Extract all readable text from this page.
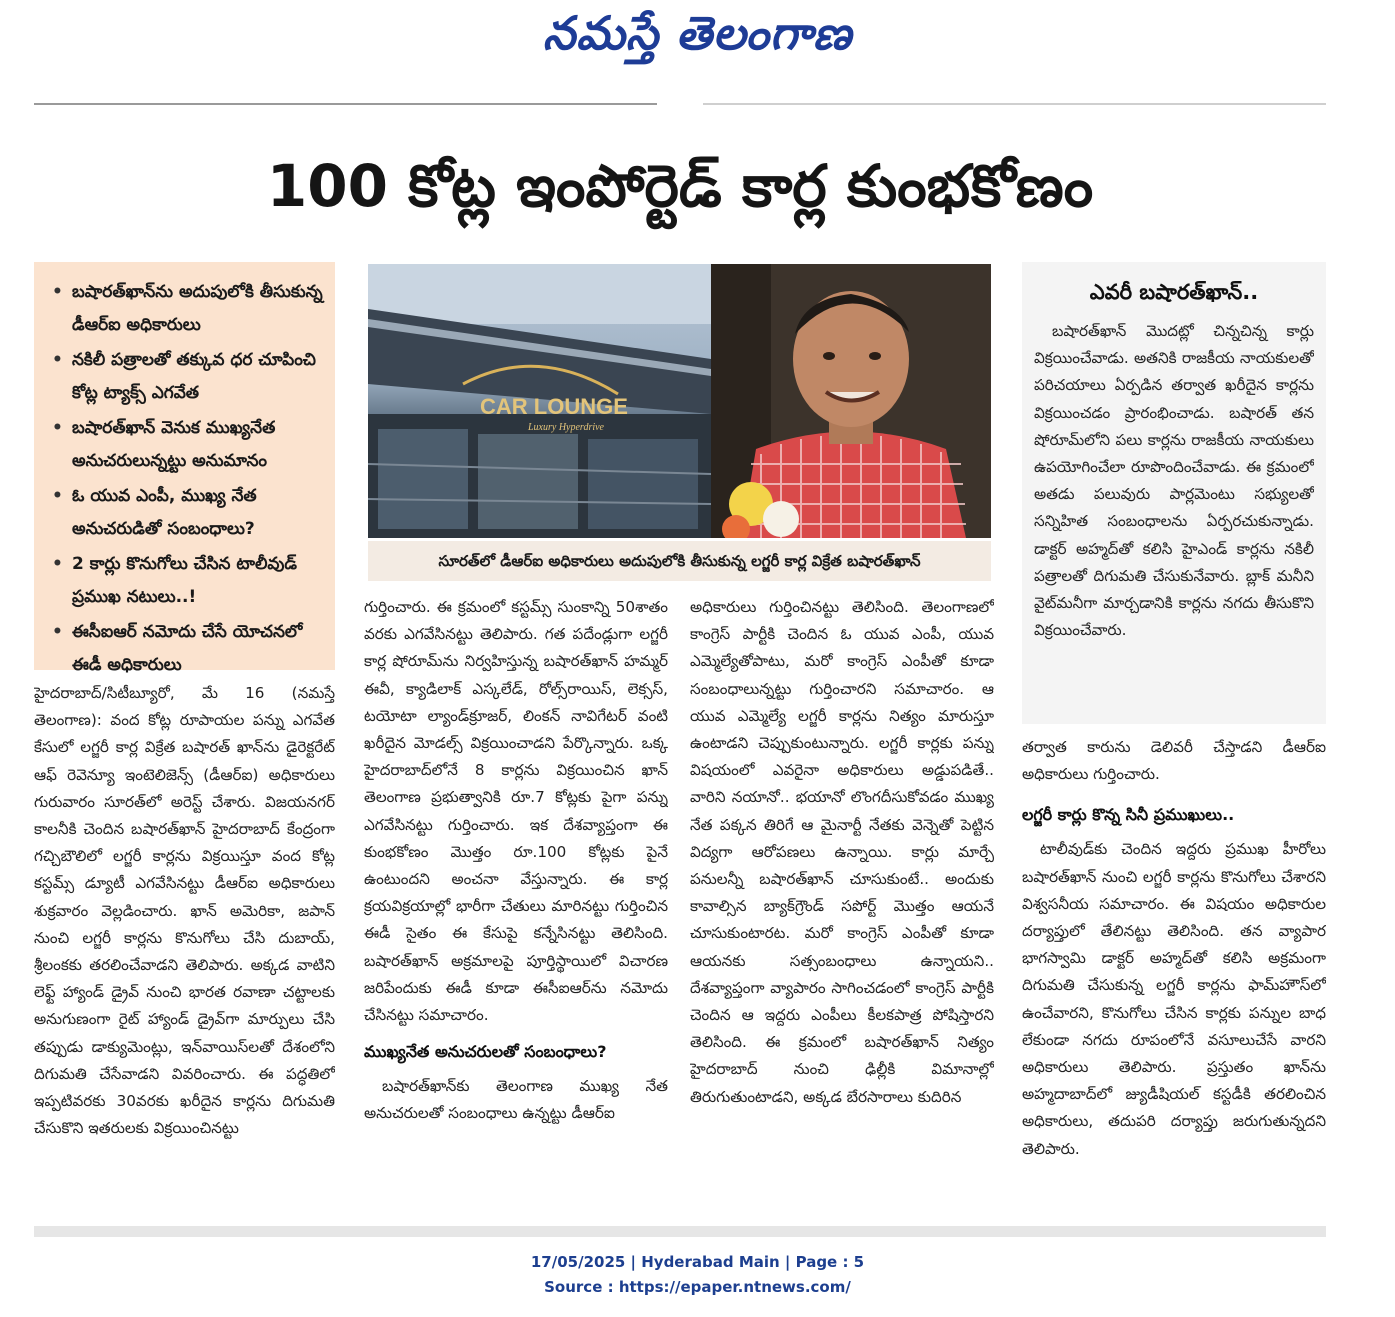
నమస్తే తెలంగాణ
100 కోట్ల ఇంపోర్టెడ్ కార్ల కుంభకోణం
• బషారత్‌ఖాన్‌ను అదుపులోకి తీసుకున్న డీఆర్‌ఐ అధికారులు
• నకిలీ పత్రాలతో తక్కువ ధర చూపించి కోట్ల ట్యాక్స్ ఎగవేత
• బషారత్‌ఖాన్ వెనుక ముఖ్యనేత అనుచరులున్నట్టు అనుమానం
• ఓ యువ ఎంపీ, ముఖ్య నేత అనుచరుడితో సంబంధాలు?
• 2 కార్లు కొనుగోలు చేసిన టాలీవుడ్ ప్రముఖ నటులు..!
• ఈసీఐఆర్ నమోదు చేసే యోచనలో ఈడీ అధికారులు
CAR LOUNGE
Luxury Hyperdrive
సూరత్‌లో డీఆర్‌ఐ అధికారులు అదుపులోకి తీసుకున్న లగ్జరీ కార్ల విక్రేత బషారత్‌ఖాన్

హైదరాబాద్/సిటీబ్యూరో, మే 16 (నమస్తే తెలంగాణ): వంద కోట్ల రూపాయల పన్ను ఎగవేత కేసులో లగ్జరీ కార్ల విక్రేత బషారత్ ఖాన్‌ను డైరెక్టరేట్ ఆఫ్ రెవెన్యూ ఇంటెలిజెన్స్ (డీఆర్‌ఐ) అధికారులు గురువారం సూరత్‌లో అరెస్ట్ చేశారు. విజయనగర్ కాలనీకి చెందిన బషారత్‌ఖాన్ హైదరాబాద్ కేంద్రంగా గచ్చిబౌలిలో లగ్జరీ కార్లను విక్రయిస్తూ వంద కోట్ల కస్టమ్స్ డ్యూటీ ఎగవేసినట్టు డీఆర్‌ఐ అధికారులు శుక్రవారం వెల్లడించారు. ఖాన్ అమెరికా, జపాన్ నుంచి లగ్జరీ కార్లను కొనుగోలు చేసి దుబాయ్, శ్రీలంకకు తరలించేవాడని తెలిపారు. అక్కడ వాటిని లెఫ్ట్ హ్యాండ్ డ్రైవ్ నుంచి భారత రవాణా చట్టాలకు అనుగుణంగా రైట్ హ్యాండ్ డ్రైవ్‌గా మార్పులు చేసి తప్పుడు డాక్యుమెంట్లు, ఇన్‌వాయిస్‌లతో దేశంలోని దిగుమతి చేసేవాడని వివరించారు. ఈ పద్ధతిలో ఇప్పటివరకు 30వరకు ఖరీదైన కార్లను దిగుమతి చేసుకొని ఇతరులకు విక్రయించినట్టు

గుర్తించారు. ఈ క్రమంలో కస్టమ్స్ సుంకాన్ని 50శాతం వరకు ఎగవేసినట్టు తెలిపారు. గత పదేండ్లుగా లగ్జరీ కార్ల షోరూమ్‌ను నిర్వహిస్తున్న బషారత్‌ఖాన్ హమ్మర్ ఈవీ, క్యాడిలాక్ ఎస్కలేడ్, రోల్స్‌రాయిస్, లెక్సస్, టయోటా ల్యాండ్‌క్రూజర్, లింకన్ నావిగేటర్ వంటి ఖరీదైన మోడల్స్ విక్రయించాడని పేర్కొన్నారు. ఒక్క హైదరాబాద్‌లోనే 8 కార్లను విక్రయించిన ఖాన్ తెలంగాణ ప్రభుత్వానికి రూ.7 కోట్లకు పైగా పన్ను ఎగవేసినట్టు గుర్తించారు. ఇక దేశవ్యాప్తంగా ఈ కుంభకోణం మొత్తం రూ.100 కోట్లకు పైనే ఉంటుందని అంచనా వేస్తున్నారు. ఈ కార్ల క్రయవిక్రయాల్లో భారీగా చేతులు మారినట్టు గుర్తించిన ఈడీ సైతం ఈ కేసుపై కన్నేసినట్టు తెలిసింది. బషారత్‌ఖాన్ అక్రమాలపై పూర్తిస్థాయిలో విచారణ జరిపేందుకు ఈడీ కూడా ఈసీఐఆర్‌ను నమోదు చేసినట్టు సమాచారం.

ముఖ్యనేత అనుచరులతో సంబంధాలు?

బషారత్‌ఖాన్‌కు తెలంగాణ ముఖ్య నేత అనుచరులతో సంబంధాలు ఉన్నట్టు డీఆర్‌ఐ

అధికారులు గుర్తించినట్టు తెలిసింది. తెలంగాణలో కాంగ్రెస్ పార్టీకి చెందిన ఓ యువ ఎంపీ, యువ ఎమ్మెల్యేతోపాటు, మరో కాంగ్రెస్ ఎంపీతో కూడా సంబంధాలున్నట్టు గుర్తించారని సమాచారం. ఆ యువ ఎమ్మెల్యే లగ్జరీ కార్లను నిత్యం మారుస్తూ ఉంటాడని చెప్పుకుంటున్నారు. లగ్జరీ కార్లకు పన్ను విషయంలో ఎవరైనా అధికారులు అడ్డుపడితే.. వారిని నయానో.. భయానో లొంగదీసుకోవడం ముఖ్య నేత పక్కన తిరిగే ఆ మైనార్టీ నేతకు వెన్నెతో పెట్టిన విద్యగా ఆరోపణలు ఉన్నాయి. కార్లు మార్చే పనులన్నీ బషారత్‌ఖాన్ చూసుకుంటే.. అందుకు కావాల్సిన బ్యాక్‌గ్రౌండ్ సపోర్ట్ మొత్తం ఆయనే చూసుకుంటారట. మరో కాంగ్రెస్ ఎంపీతో కూడా ఆయనకు సత్సంబంధాలు ఉన్నాయని.. దేశవ్యాప్తంగా వ్యాపారం సాగించడంలో కాంగ్రెస్ పార్టీకి చెందిన ఆ ఇద్దరు ఎంపీలు కీలకపాత్ర పోషిస్తారని తెలిసింది. ఈ క్రమంలో బషారత్‌ఖాన్ నిత్యం హైదరాబాద్ నుంచి ఢిల్లీకి విమానాల్లో తిరుగుతుంటాడని, అక్కడ బేరసారాలు కుదిరిన

ఎవరీ బషారత్‌ఖాన్..

బషారత్‌ఖాన్ మొదట్లో చిన్నచిన్న కార్లు విక్రయించేవాడు. అతనికి రాజకీయ నాయకులతో పరిచయాలు ఏర్పడిన తర్వాత ఖరీదైన కార్లను విక్రయించడం ప్రారంభించాడు. బషారత్ తన షోరూమ్‌లోని పలు కార్లను రాజకీయ నాయకులు ఉపయోగించేలా రూపొందించేవాడు. ఈ క్రమంలో అతడు పలువురు పార్లమెంటు సభ్యులతో సన్నిహిత సంబంధాలను ఏర్పరచుకున్నాడు. డాక్టర్ అహ్మద్‌తో కలిసి హైఎండ్ కార్లను నకిలీ పత్రాలతో దిగుమతి చేసుకునేవారు. బ్లాక్ మనీని వైట్‌మనీగా మార్చడానికి కార్లను నగదు తీసుకొని విక్రయించేవారు.

తర్వాత కారును డెలివరీ చేస్తాడని డీఆర్‌ఐ అధికారులు గుర్తించారు.

లగ్జరీ కార్లు కొన్న సినీ ప్రముఖులు..

టాలీవుడ్‌కు చెందిన ఇద్దరు ప్రముఖ హీరోలు బషారత్‌ఖాన్ నుంచి లగ్జరీ కార్లను కొనుగోలు చేశారని విశ్వసనీయ సమాచారం. ఈ విషయం అధికారుల దర్యాప్తులో తేలినట్టు తెలిసింది. తన వ్యాపార భాగస్వామి డాక్టర్ అహ్మద్‌తో కలిసి అక్రమంగా దిగుమతి చేసుకున్న లగ్జరీ కార్లను ఫామ్‌హౌస్‌లో ఉంచేవారని, కొనుగోలు చేసిన కార్లకు పన్నుల బాధ లేకుండా నగదు రూపంలోనే వసూలుచేసే వారని అధికారులు తెలిపారు. ప్రస్తుతం ఖాన్‌ను అహ్మదాబాద్‌లో జ్యుడీషియల్ కస్టడీకి తరలించిన అధికారులు, తదుపరి దర్యాప్తు జరుగుతున్నదని తెలిపారు.

17/05/2025 | Hyderabad Main | Page : 5
Source : https://epaper.ntnews.com/
